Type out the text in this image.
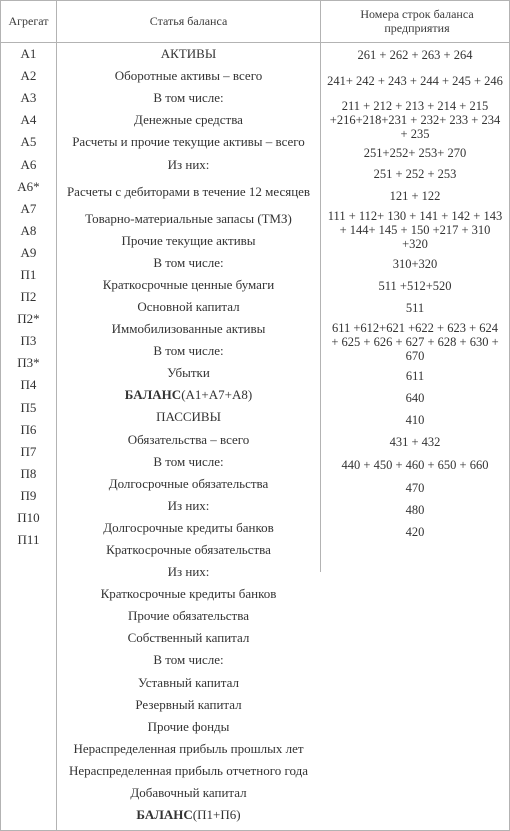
Агрегат	Статья баланса	Номера строк баланса предприятия
А1
А2
А3
А4
А5
А6
А6*
А7
А8
А9
П1
П2
П2*
П3
П3*
П4
П5
П6
П7
П8
П9
П10
П11
АКТИВЫ
Оборотные активы – всего
В том числе:
Денежные средства
Расчеты и прочие текущие активы – всего
Из них:
Расчеты с дебиторами в течение 12 месяцев
Товарно-материальные запасы (ТМЗ)
Прочие текущие активы
В том числе:
Краткосрочные ценные бумаги
Основной капитал
Иммобилизованные активы
В том числе:
Убытки
БАЛАНС (А1+А7+А8)
ПАССИВЫ
Обязательства – всего
В том числе:
Долгосрочные обязательства
Из них:
Долгосрочные кредиты банков
Краткосрочные обязательства
Из них:
Краткосрочные кредиты банков
Прочие обязательства
Собственный капитал
В том числе:
Уставный капитал
Резервный капитал
Прочие фонды
Нераспределенная прибыль прошлых лет
Нераспределенная прибыль отчетного года
Добавочный капитал
БАЛАНС (П1+П6)
261 + 262 + 263 + 264
241+ 242 + 243 + 244 + 245 + 246
211 + 212 + 213 + 214 + 215 +216+218+231 + 232+ 233 + 234 + 235
251+252+ 253+ 270
251 + 252 + 253
121 + 122
111 + 112+ 130 + 141 + 142 + 143 + 144+ 145 + 150 +217 + 310 +320
310+320
511 +512+520
511
611 +612+621 +622 + 623 + 624 + 625 + 626 + 627 + 628 + 630 + 670
611
640
410
431 + 432
440 + 450 + 460 + 650 + 660
470
480
420
